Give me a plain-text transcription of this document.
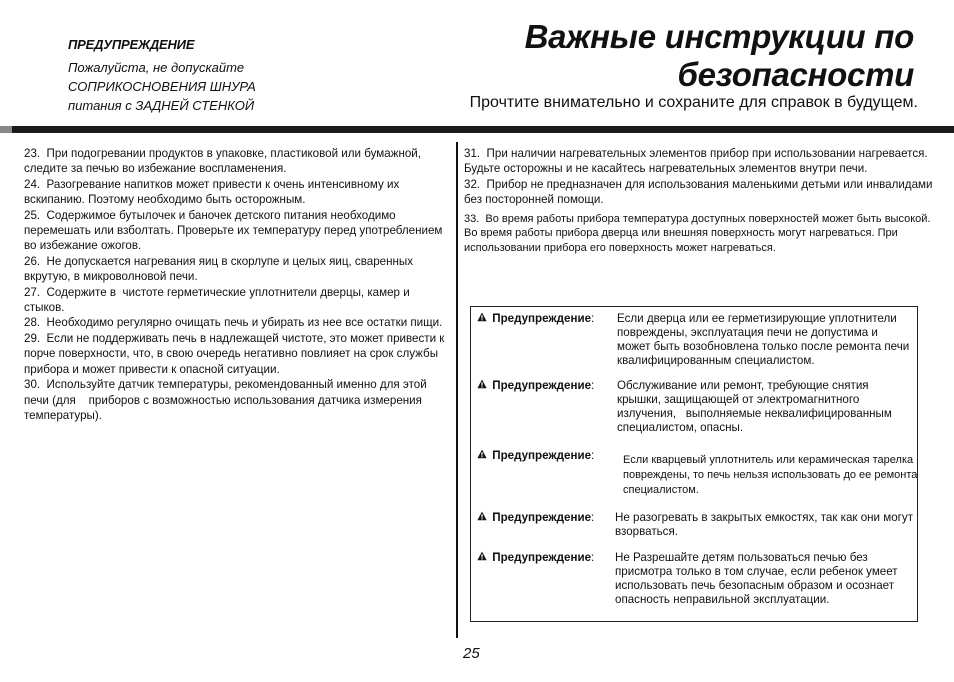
ПРЕДУПРЕЖДЕНИЕ
Пожалуйста, не допускайте
СОПРИКОСНОВЕНИЯ ШНУРА
питания с ЗАДНЕЙ СТЕНКОЙ
Важные инструкции по
безопасности
Прочтите внимательно и сохраните для справок в будущем.

23.  При подогревании продуктов в упаковке, пластиковой или бумажной, следите за печью во избежание воспламенения.

24.  Разогревание напитков может привести к очень интенсивному их вскипанию. Поэтому необходимо быть осторожным.

25.  Содержимое бутылочек и баночек детского питания необходимо перемешать или взболтать. Проверьте их температуру перед употреблением во избежание ожогов.

26.  Не допускается нагревания яиц в скорлупе и целых яиц, сваренных вкрутую, в микроволновой печи.

27.  Содержите в  чистоте герметические уплотнители дверцы, камер и стыков.

28.  Необходимо регулярно очищать печь и убирать из нее все остатки пищи.

29.  Если не поддерживать печь в надлежащей чистоте, это может привести к порче поверхности, что, в свою очередь негативно повлияет на срок службы прибора и может привести к опасной ситуации.

30.  Используйте датчик температуры, рекомендованный именно для этой печи (для    приборов с возможностью использования датчика измерения температуры).

31.  При наличии нагревательных элементов прибор при использовании нагревается. Будьте осторожны и не касайтесь нагревательных элементов внутри печи.

32.  Прибор не предназначен для использования маленькими детьми или инвалидами без посторонней помощи.

33.  Во время работы прибора температура доступных поверхностей может быть высокой. Во время работы прибора дверца или внешняя поверхность могут нагреваться. При использовании прибора его поверхность может нагреваться.

Предупреждение: Если дверца или ее герметизирующие уплотнители повреждены, эксплуатация печи не допустима и может быть возобновлена только после ремонта печи квалифицированным специалистом.
Предупреждение: Обслуживание или ремонт, требующие снятия крышки, защищающей от электромагнитного излучения,   выполняемые неквалифицированным специалистом, опасны.
Предупреждение:	Если кварцевый уплотнитель или керамическая тарелка повреждены, то печь нельзя использовать до ее ремонта специалистом.
Предупреждение: Не разогревать в закрытых емкостях, так как они могут взорваться.
Предупреждение: Не Разрешайте детям пользоваться печью без присмотра только в том случае, если ребенок умеет использовать печь безопасным образом и осознает опасность неправильной эксплуатации.
25
